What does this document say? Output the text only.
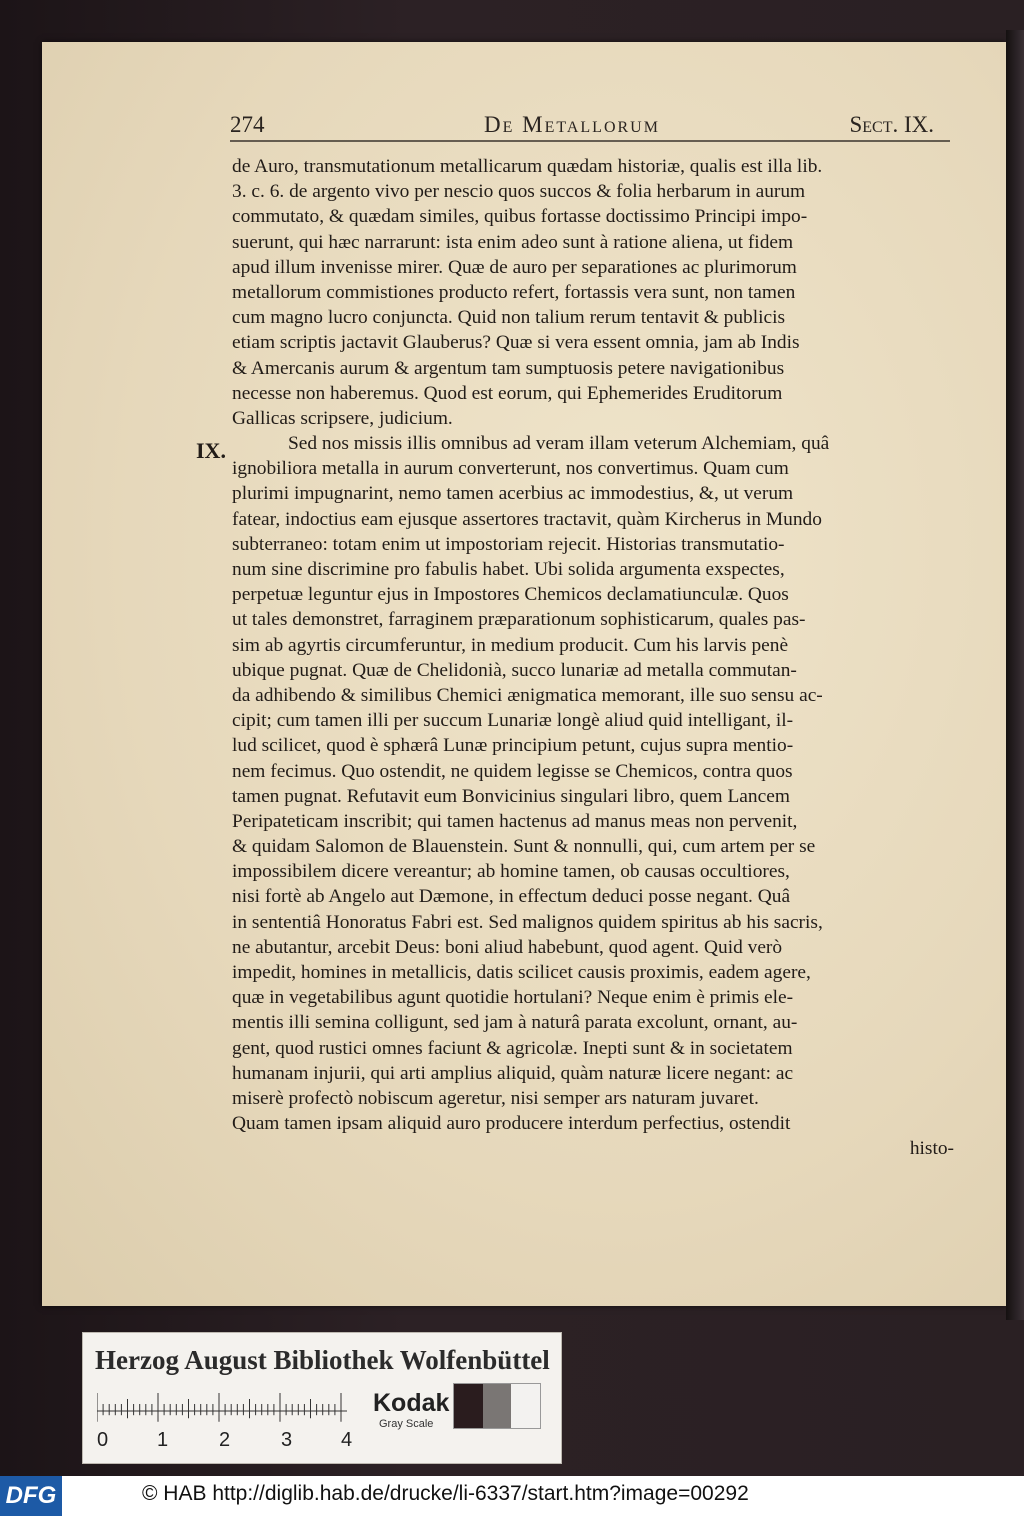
274	De Metallorum	Sect. IX.
IX.
de Auro, transmutationum metallicarum quædam historiæ, qualis est illa lib.
3. c. 6. de argento vivo per nescio quos succos & folia herbarum in aurum
commutato, & quædam similes, quibus fortasse doctissimo Principi impo-
suerunt, qui hæc narrarunt: ista enim adeo sunt à ratione aliena, ut fidem
apud illum invenisse mirer. Quæ de auro per separationes ac plurimorum
metallorum commistiones producto refert, fortassis vera sunt, non tamen
cum magno lucro conjuncta. Quid non talium rerum tentavit & publicis
etiam scriptis jactavit Glauberus? Quæ si vera essent omnia, jam ab Indis
& Amercanis aurum & argentum tam sumptuosis petere navigationibus
necesse non haberemus. Quod est eorum, qui Ephemerides Eruditorum
Gallicas scripsere, judicium.
Sed nos missis illis omnibus ad veram illam veterum Alchemiam, quâ
ignobiliora metalla in aurum converterunt, nos convertimus. Quam cum
plurimi impugnarint, nemo tamen acerbius ac immodestius, &, ut verum
fatear, indoctius eam ejusque assertores tractavit, quàm Kircherus in Mundo
subterraneo: totam enim ut impostoriam rejecit. Historias transmutatio-
num sine discrimine pro fabulis habet. Ubi solida argumenta exspectes,
perpetuæ leguntur ejus in Impostores Chemicos declamatiunculæ. Quos
ut tales demonstret, farraginem præparationum sophisticarum, quales pas-
sim ab agyrtis circumferuntur, in medium producit. Cum his larvis penè
ubique pugnat. Quæ de Chelidonià, succo lunariæ ad metalla commutan-
da adhibendo & similibus Chemici ænigmatica memorant, ille suo sensu ac-
cipit; cum tamen illi per succum Lunariæ longè aliud quid intelligant, il-
lud scilicet, quod è sphærâ Lunæ principium petunt, cujus supra mentio-
nem fecimus. Quo ostendit, ne quidem legisse se Chemicos, contra quos
tamen pugnat. Refutavit eum Bonvicinius singulari libro, quem Lancem
Peripateticam inscribit; qui tamen hactenus ad manus meas non pervenit,
& quidam Salomon de Blauenstein. Sunt & nonnulli, qui, cum artem per se
impossibilem dicere vereantur; ab homine tamen, ob causas occultiores,
nisi fortè ab Angelo aut Dæmone, in effectum deduci posse negant. Quâ
in sententiâ Honoratus Fabri est. Sed malignos quidem spiritus ab his sacris,
ne abutantur, arcebit Deus: boni aliud habebunt, quod agent. Quid verò
impedit, homines in metallicis, datis scilicet causis proximis, eadem agere,
quæ in vegetabilibus agunt quotidie hortulani? Neque enim è primis ele-
mentis illi semina colligunt, sed jam à naturâ parata excolunt, ornant, au-
gent, quod rustici omnes faciunt & agricolæ. Inepti sunt & in societatem
humanam injurii, qui arti amplius aliquid, quàm naturæ licere negant: ac
miserè profectò nobiscum ageretur, nisi semper ars naturam juvaret.
Quam tamen ipsam aliquid auro producere interdum perfectius, ostendit
histo-
Herzog August Bibliothek Wolfenbüttel
0 1	2	3 4
Kodak
Gray Scale
DFG	© HAB http://diglib.hab.de/drucke/li-6337/start.htm?image=00292
